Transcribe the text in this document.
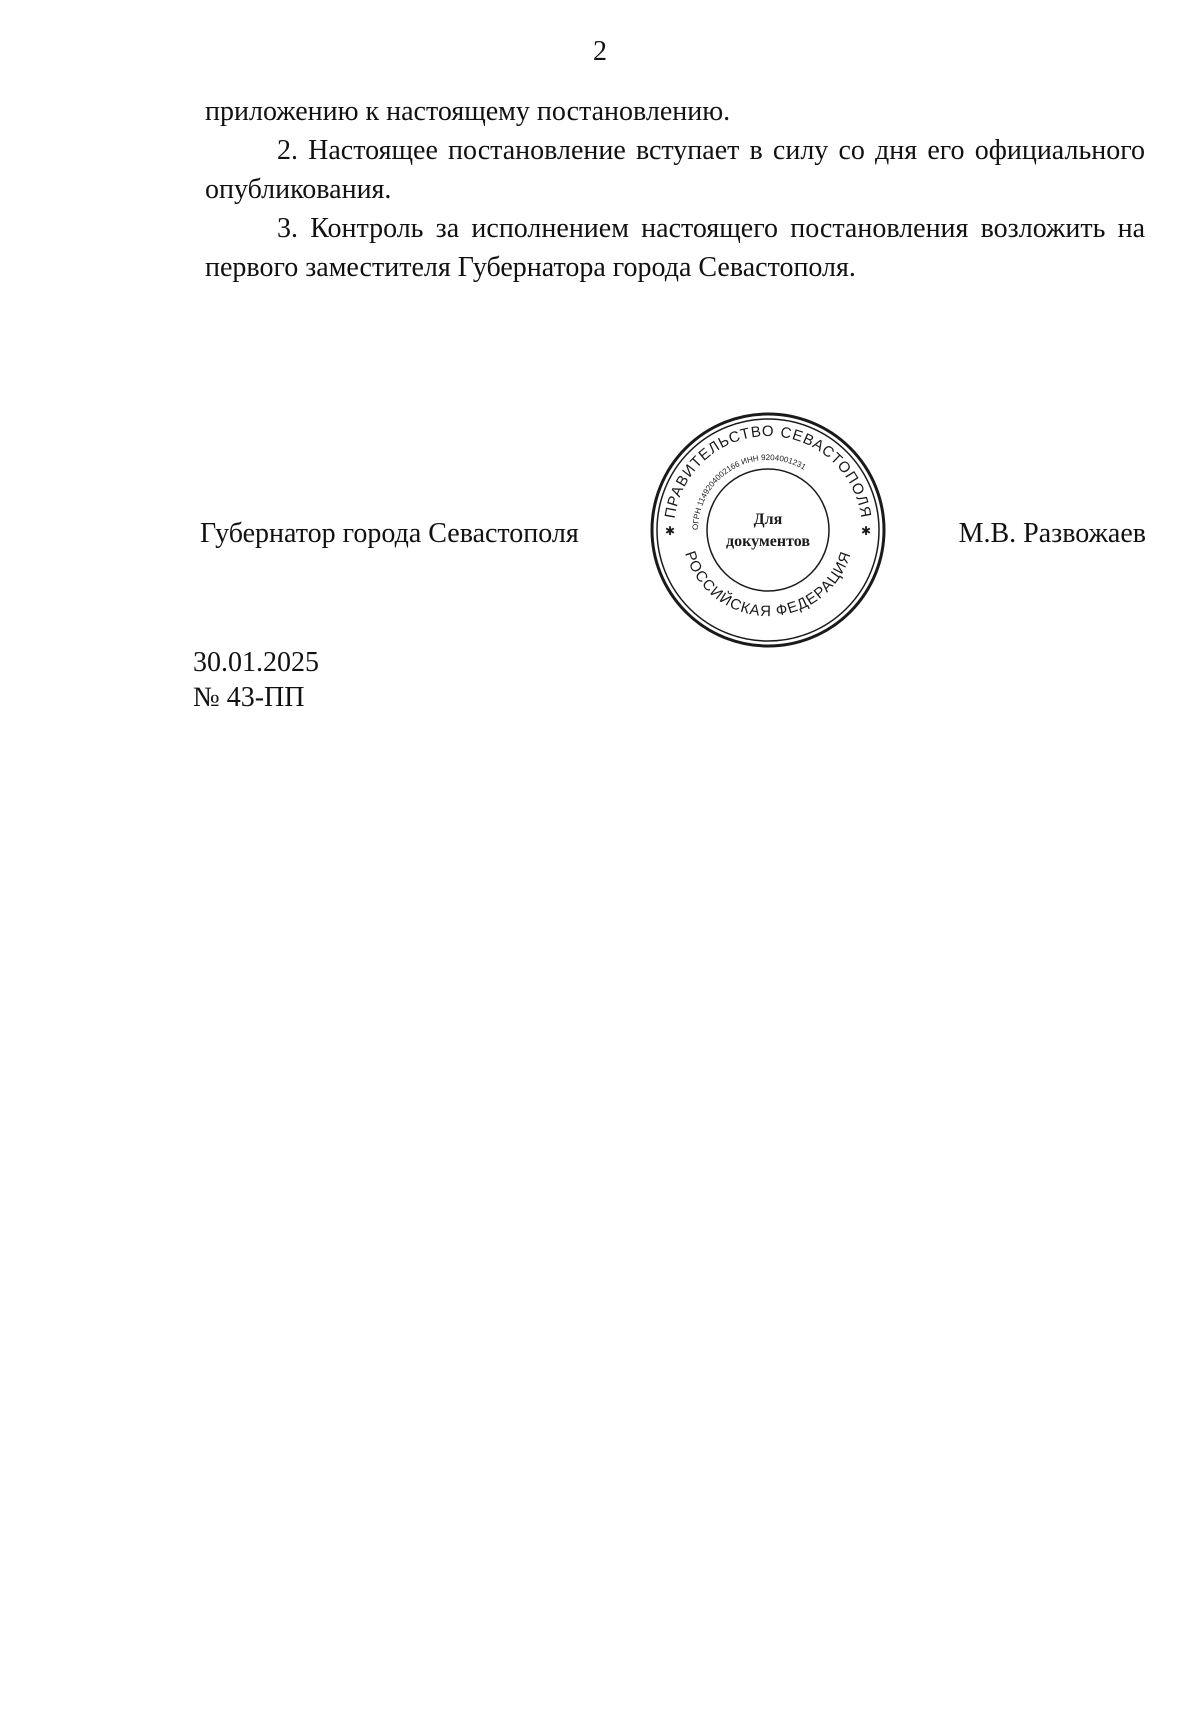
2

приложению к настоящему постановлению.

2. Настоящее постановление вступает в силу со дня его официального опубликования.

3. Контроль за исполнением настоящего постановления возложить на первого заместителя Губернатора города Севастополя.

Губернатор города Севастополя
ПРАВИТЕЛЬСТВО СЕВАСТОПОЛЯ
РОССИЙСКАЯ ФЕДЕРАЦИЯ
ОГРН 1149204002166 ИНН 9204001231
✱	✱
Для
документов	М.В. Развожаев
30.01.2025
№ 43-ПП
